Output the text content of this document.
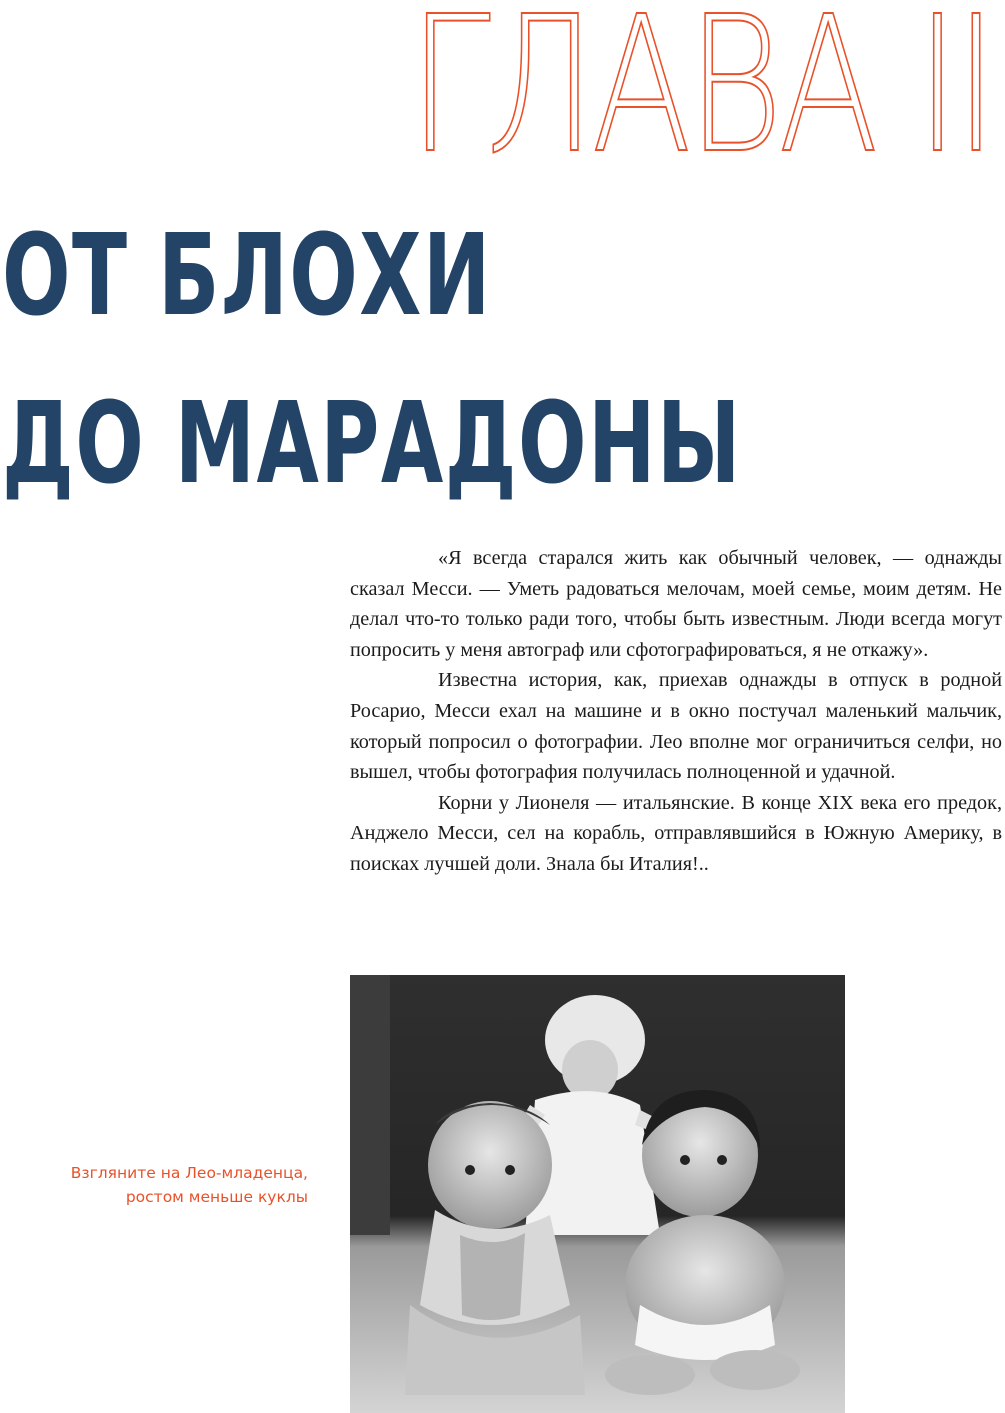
ГЛАВА II
ОТ БЛОХИ
ДО МАРАДОНЫ

«Я всегда старался жить как обычный человек, — однажды сказал Месси. — Уметь радоваться мелочам, моей семье, моим детям. Не делал что-то только ради того, чтобы быть известным. Люди всегда могут попросить у меня автограф или сфотографироваться, я не откажу».

Известна история, как, приехав однажды в отпуск в родной Росарио, Месси ехал на машине и в окно постучал маленький мальчик, который попросил о фотографии. Лео вполне мог ограничиться селфи, но вышел, чтобы фотография получилась полноценной и удачной.

Корни у Лионеля — итальянские. В конце XIX века его предок, Анджело Месси, сел на корабль, отправлявшийся в Южную Америку, в поисках лучшей доли. Знала бы Италия!..

Взгляните на Лео-младенца,
ростом меньше куклы
